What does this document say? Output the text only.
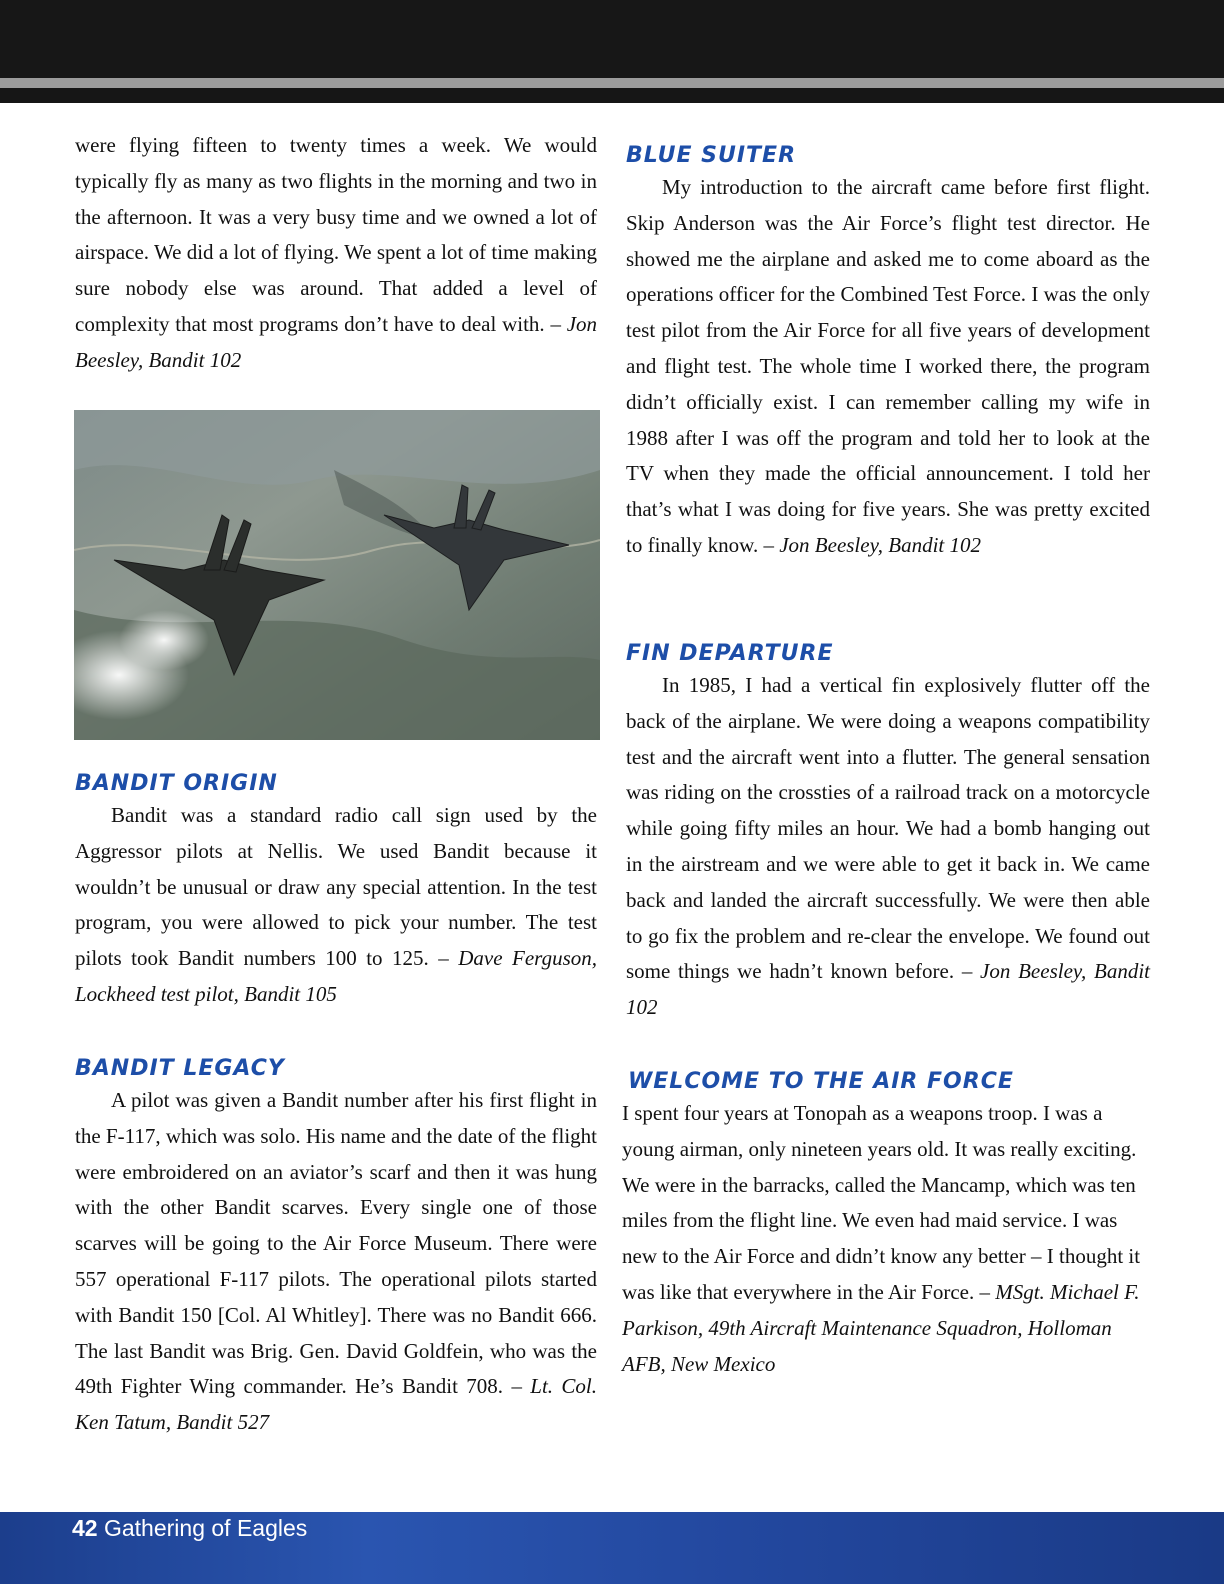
were flying fifteen to twenty times a week. We would typically fly as many as two flights in the morning and two in the afternoon. It was a very busy time and we owned a lot of airspace. We did a lot of flying. We spent a lot of time making sure nobody else was around. That added a level of complexity that most programs don’t have to deal with. – Jon Beesley, Bandit 102

BANDIT ORIGIN

Bandit was a standard radio call sign used by the Aggressor pilots at Nellis. We used Bandit because it wouldn’t be unusual or draw any special attention. In the test program, you were allowed to pick your number. The test pilots took Bandit numbers 100 to 125. – Dave Ferguson, Lockheed test pilot, Bandit 105

BANDIT LEGACY

A pilot was given a Bandit number after his first flight in the F-117, which was solo. His name and the date of the flight were embroidered on an aviator’s scarf and then it was hung with the other Bandit scarves. Every single one of those scarves will be going to the Air Force Museum. There were 557 operational F-117 pilots. The operational pilots started with Bandit 150 [Col. Al Whitley]. There was no Bandit 666. The last Bandit was Brig. Gen. David Goldfein, who was the 49th Fighter Wing commander. He’s Bandit 708. – Lt. Col. Ken Tatum, Bandit 527

BLUE SUITER

My introduction to the aircraft came before first flight. Skip Anderson was the Air Force’s flight test director. He showed me the airplane and asked me to come aboard as the operations officer for the Combined Test Force. I was the only test pilot from the Air Force for all five years of development and flight test. The whole time I worked there, the program didn’t officially exist. I can remember calling my wife in 1988 after I was off the program and told her to look at the TV when they made the official announcement. I told her that’s what I was doing for five years. She was pretty excited to finally know. – Jon Beesley, Bandit 102

FIN DEPARTURE

In 1985, I had a vertical fin explosively flutter off the back of the airplane. We were doing a weapons compatibility test and the aircraft went into a flutter. The general sensation was riding on the crossties of a railroad track on a motorcycle while going fifty miles an hour. We had a bomb hanging out in the airstream and we were able to get it back in. We came back and landed the aircraft successfully. We were then able to go fix the problem and re-clear the envelope. We found out some things we hadn’t known before. – Jon Beesley, Bandit 102

WELCOME TO THE AIR FORCE

I spent four years at Tonopah as a weapons troop. I was a young airman, only nineteen years old. It was really exciting. We were in the barracks, called the Mancamp, which was ten miles from the flight line. We even had maid service. I was new to the Air Force and didn’t know any better – I thought it was like that everywhere in the Air Force. – MSgt. Michael F. Parkison, 49th Aircraft Maintenance Squadron, Holloman AFB, New Mexico

42 Gathering of Eagles
